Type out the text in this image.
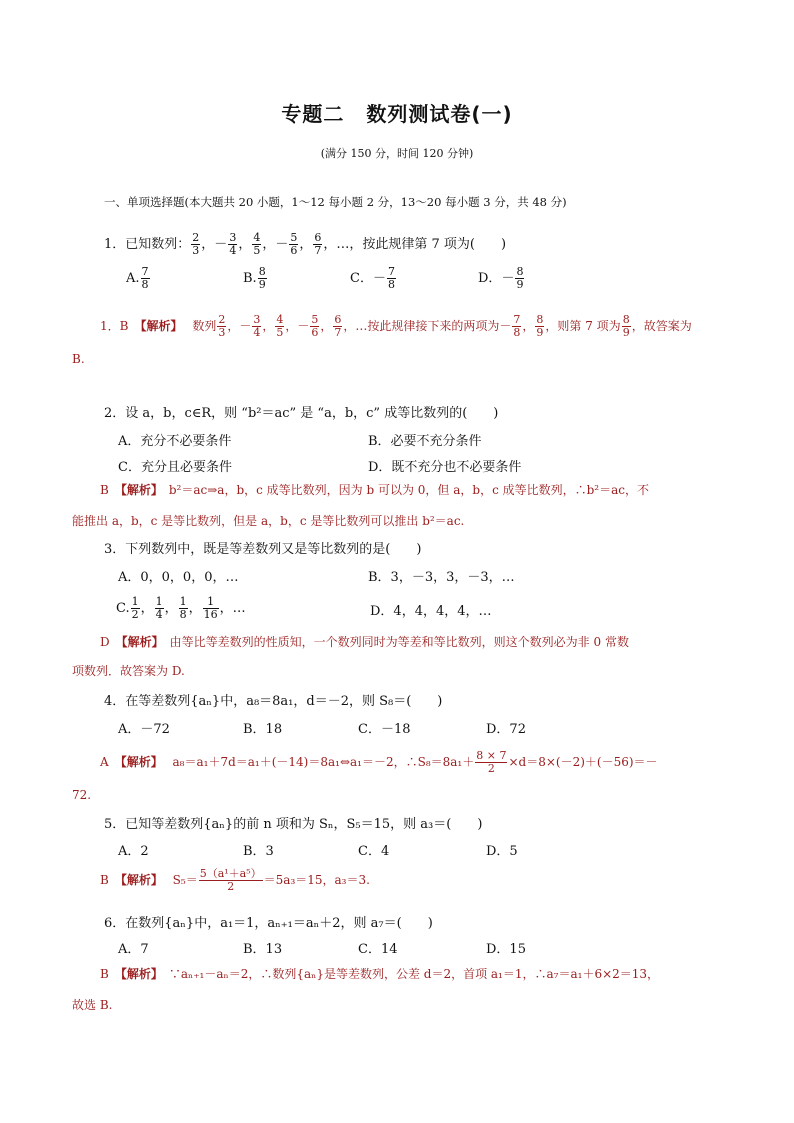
专题二 数列测试卷(一)
(满分 150 分，时间 120 分钟)
一、单项选择题(本大题共 20 小题，1～12 每小题 2 分，13～20 每小题 3 分，共 48 分)
1．已知数列： $\frac{2}{3}$ ，－ $\frac{3}{4}$ ， $\frac{4}{5}$ ，－ $\frac{5}{6}$ ， $\frac{6}{7}$ ，…，按此规律第 7 项为(　　)
A. $\frac{7}{8}$	B. $\frac{8}{9}$	C．－ $\frac{7}{8}$	D．－ $\frac{8}{9}$
1．B　 【解析】　 数列 $\frac{2}{3}$ ，－ $\frac{3}{4}$ ， $\frac{4}{5}$ ，－ $\frac{5}{6}$ ， $\frac{6}{7}$ ，…按此规律接下来的两项为－ $\frac{7}{8}$ ， $\frac{8}{9}$ ，则第 7 项为 $\frac{8}{9}$ ，故答案为
B.
2．设 a，b，c∈R，则 “b²＝ac” 是 “a，b，c” 成等比数列的(　　)
A．充分不必要条件	B．必要不充分条件
C．充分且必要条件	D．既不充分也不必要条件
B　 【解析】　 b²＝ac⇒a，b，c 成等比数列，因为 b 可以为 0，但 a，b，c 成等比数列，∴b²＝ac，不
能推出 a，b，c 是等比数列，但是 a，b，c 是等比数列可以推出 b²＝ac.
3．下列数列中，既是等差数列又是等比数列的是(　　)
A．0，0，0，0，…	B．3，－3，3，－3，…
C. $\frac{1}{2}$ ， $\frac{1}{4}$ ， $\frac{1}{8}$ ， $\frac{1}{16}$ ，…	D．4，4，4，4，…
D　 【解析】　 由等比等差数列的性质知，一个数列同时为等差和等比数列，则这个数列必为非 0 常数
项数列．故答案为 D.
4．在等差数列{aₙ}中，a₈＝8a₁，d＝－2，则 S₈＝(　　)
A．－72	B．18	C．－18	D．72
A　 【解析】　 a₈＝a₁＋7d＝a₁＋(－14)＝8a₁⇔a₁＝－2，∴S₈＝8a₁＋ $\frac{8 \times 7}{2} \times d=8\times(-2)+(-56)=-$
72.
5．已知等差数列{aₙ}的前 n 项和为 Sₙ，S₅＝15，则 a₃＝(　　)
A．2	B．3	C．4	D．5
B　 【解析】　 $S_5= \frac{\text{5（a¹＋a⁵）}}{2} =5a_3=15$，a₃＝3.
6．在数列{aₙ}中，a₁＝1，aₙ₊₁＝aₙ＋2，则 a₇＝(　　)
A．7	B．13	C．14	D．15
B　 【解析】　 ∵aₙ₊₁－aₙ＝2，∴数列{aₙ}是等差数列，公差 d＝2，首项 a₁＝1，∴a₇＝a₁＋6×2＝13，
故选 B.
